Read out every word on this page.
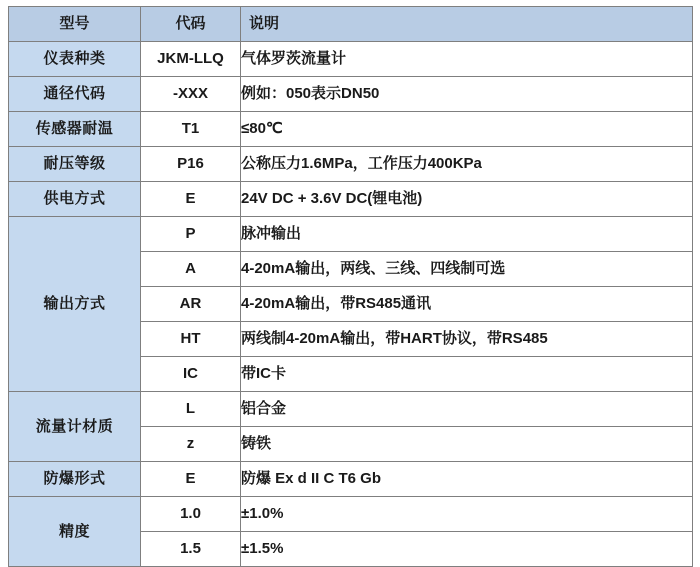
型号	代码	说明
仪表种类	JKM-LLQ	气体罗茨流量计
通径代码	-XXX	例如：050表示DN50
传感器耐温	T1	≤80℃
耐压等级	P16	公称压力1.6MPa，工作压力400KPa
供电方式	E	24V DC + 3.6V DC(锂电池)
输出方式	P	脉冲输出
	A	4-20mA输出，两线、三线、四线制可选
	AR	4-20mA输出，带RS485通讯
	HT	两线制4-20mA输出，带HART协议，带RS485
	IC	带IC卡
流量计材质	L	铝合金
	z	铸铁
防爆形式	E	防爆 Ex d II C T6 Gb
精度	1.0	±1.0%
	1.5	±1.5%
